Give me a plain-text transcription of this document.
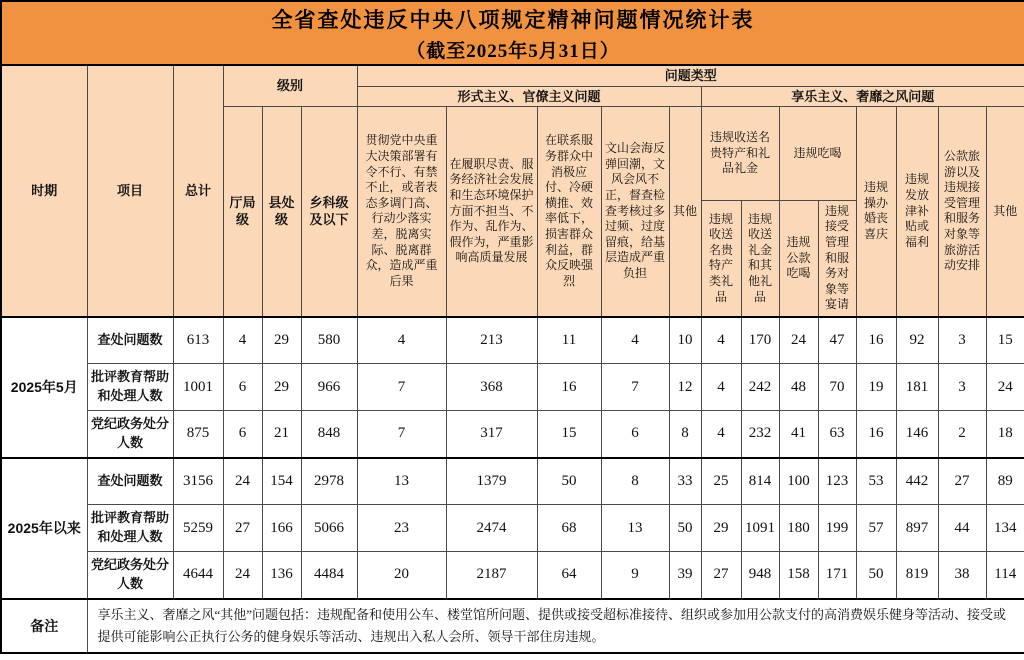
全省查处违反中央八项规定精神问题情况统计表
（截至2025年5月31日）																		

时期	项目	总计	级别			问题类型												
						形式主义、官僚主义问题					享乐主义、奢靡之风问题							
			厅局级	县处级	乡科级及以下	贯彻党中央重大决策部署有令不行、有禁不止，或者表态多调门高、行动少落实差，脱离实际、脱离群众，造成严重后果	在履职尽责、服务经济社会发展和生态环境保护方面不担当、不作为、乱作为、假作为，严重影响高质量发展	在联系服务群众中消极应付、冷硬横推、效率低下，损害群众利益，群众反映强烈	文山会海反弹回潮，文风会风不正，督查检查考核过多过频、过度留痕，给基层造成严重负担	其他	违规收送名贵特产和礼品礼金		违规吃喝		违规操办婚丧喜庆	违规发放津补贴或福利	公款旅游以及违规接受管理和服务对象等旅游活动安排	其他
											违规收送名贵特产类礼品	违规收送礼金和其他礼品	违规公款吃喝	违规接受管理和服务对象等宴请				
2025年5月	查处问题数	613	4	29	580	4	213	11	4	10	4	170	24	47	16	92	3	15
	批评教育帮助和处理人数	1001	6	29	966	7	368	16	7	12	4	242	48	70	19	181	3	24
	党纪政务处分人数	875	6	21	848	7	317	15	6	8	4	232	41	63	16	146	2	18
2025年以来	查处问题数	3156	24	154	2978	13	1379	50	8	33	25	814	100	123	53	442	27	89
	批评教育帮助和处理人数	5259	27	166	5066	23	2474	68	13	50	29	1091	180	199	57	897	44	134
	党纪政务处分人数	4644	24	136	4484	20	2187	64	9	39	27	948	158	171	50	819	38	114
备注	享乐主义、奢靡之风“其他”问题包括：违规配备和使用公车、楼堂馆所问题、提供或接受超标准接待、组织或参加用公款支付的高消费娱乐健身等活动、接受或提供可能影响公正执行公务的健身娱乐等活动、违规出入私人会所、领导干部住房违规。																	
